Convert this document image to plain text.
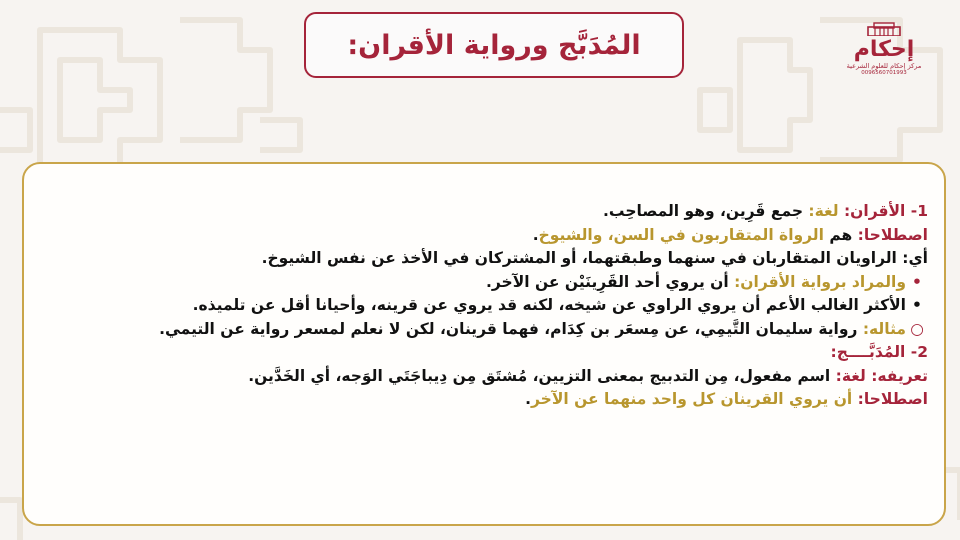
المُدَبَّج ورواية الأقران:	إحكام
مركز إحكام للعلوم الشرعية
0096560701993
1- الأقران: لغة: جمع قَرِين، وهو المصاحِب.
اصطلاحا: هم الرواة المتقاربون في السن، والشيوخ.
أي: الراويان المتقاربان في سنهما وطبقتهما، أو المشتركان في الأخذ عن نفس الشيوخ.
•والمراد برواية الأقران: أن يروي أحد القَرِينَيْن عن الآخر.
•الأكثر الغالب الأعم أن يروي الراوي عن شيخه، لكنه قد يروي عن قرينه، وأحيانا أقل عن تلميذه.
○مثاله: رواية سليمان التَّيمِي، عن مِسعَر بن كِدَام، فهما قرينان، لكن لا نعلم لمسعر رواية عن التيمي.
2- المُدَبَّــــج:
تعريفه: لغة: اسم مفعول، مِن التدبيج بمعنى التزيين، مُشتَق مِن دِيباجَتَي الوَجه، أي الخَدَّين.
اصطلاحا: أن يروي القرينان كل واحد منهما عن الآخر.
